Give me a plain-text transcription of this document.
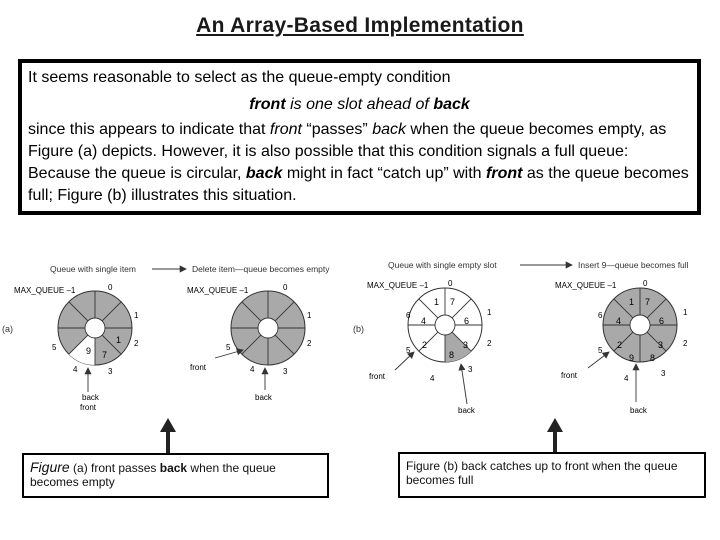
An Array-Based Implementation

It seems reasonable to select as the queue-empty condition

front is one slot ahead of back

since this appears to indicate that front “passes” back when the queue becomes empty, as Figure (a) depicts. However, it is also possible that this condition signals a full queue: Because the queue is circular, back might in fact “catch up” with front as the queue becomes full; Figure (b) illustrates this situation.

Queue with single item	Delete item—queue becomes empty	Queue with single empty slot	Insert 9—queue becomes full
(a)	(b)
9 7
1
0
1
2
3
4
5
MAX_QUEUE –1
back
front
0
1
2
3
4
5
MAX_QUEUE –1
front
back
1 7
4	6
2	3
8
0
1
2
3
4
5
6
MAX_QUEUE –1
front
back
1 7
4	6
2	3
9 8
0
1
2
3
4
5
6
MAX_QUEUE –1
front
back
Figure (a) front passes back when the queue becomes empty
Figure (b) back catches up to front when the queue becomes full
